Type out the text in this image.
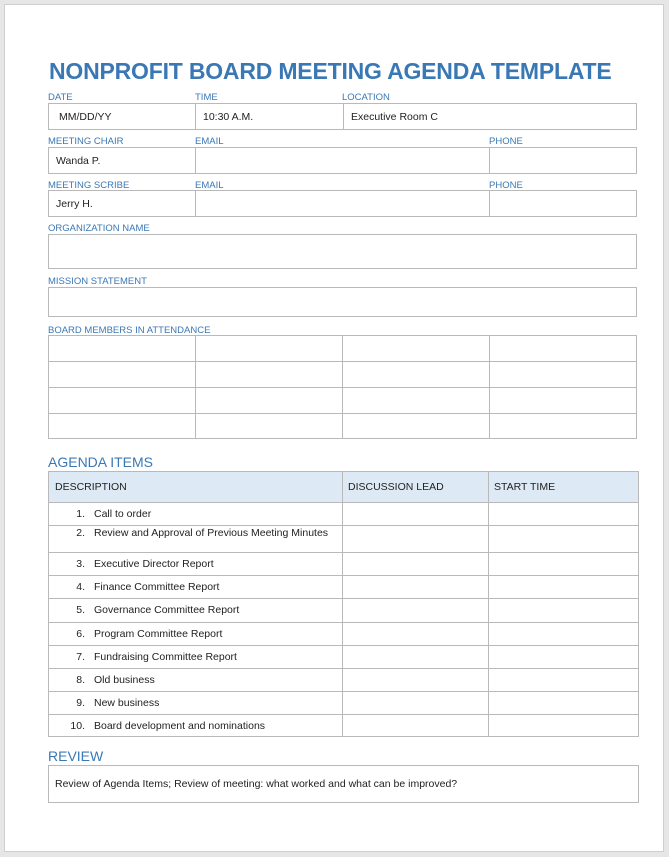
NONPROFIT BOARD MEETING AGENDA TEMPLATE
DATE	TIME	LOCATION
MM/DD/YY	10:30 A.M.	Executive Room C
MEETING CHAIR	EMAIL	PHONE
Wanda P.
MEETING SCRIBE	EMAIL	PHONE
Jerry H.
ORGANIZATION NAME
MISSION STATEMENT
BOARD MEMBERS IN ATTENDANCE
AGENDA ITEMS
DESCRIPTION	DISCUSSION LEAD	START TIME
1. Call to order
2. Review and Approval of Previous Meeting Minutes
3. Executive Director Report
4. Finance Committee Report
5. Governance Committee Report
6. Program Committee Report
7. Fundraising Committee Report
8. Old business
9. New business
10. Board development and nominations
REVIEW
Review of Agenda Items; Review of meeting: what worked and what can be improved?
